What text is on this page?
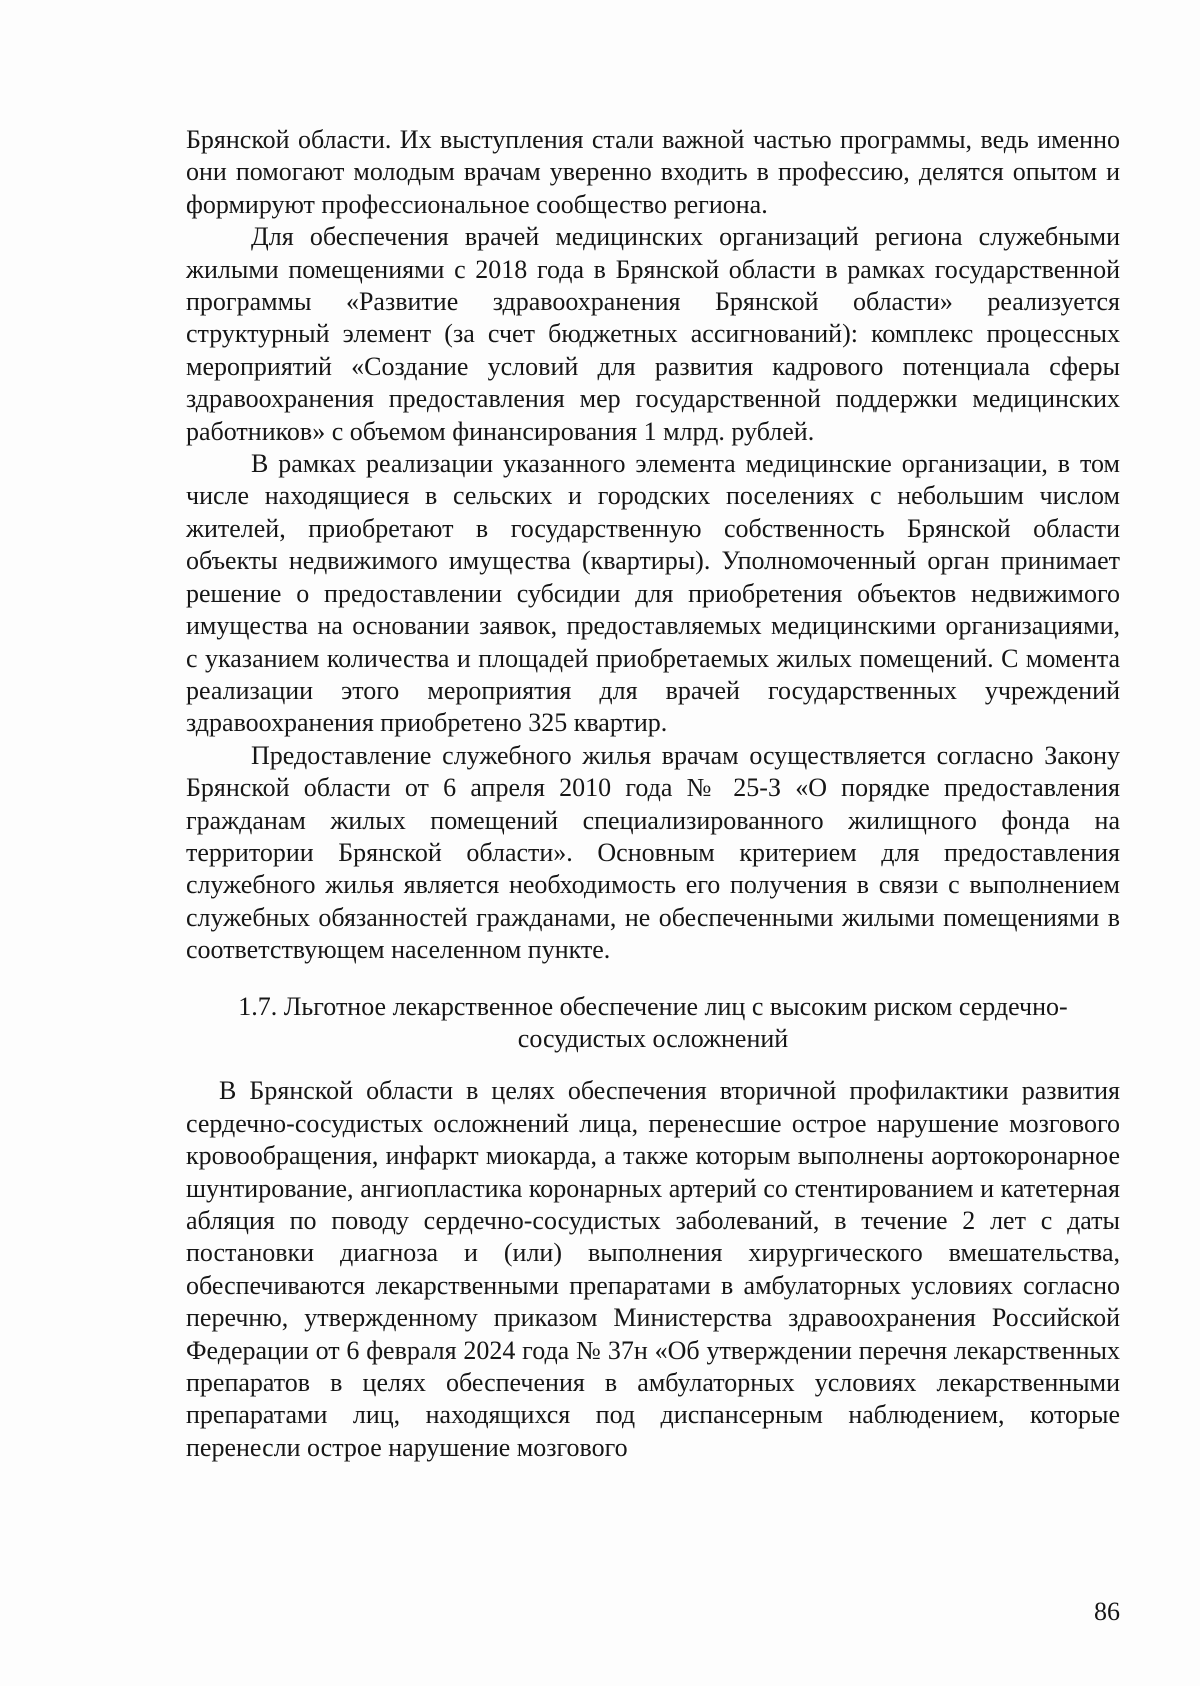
Брянской области. Их выступления стали важной частью программы, ведь именно они помогают молодым врачам уверенно входить в профессию, делятся опытом и формируют профессиональное сообщество региона.

Для обеспечения врачей медицинских организаций региона служебными жилыми помещениями с 2018 года в Брянской области в рамках государственной программы «Развитие здравоохранения Брянской области» реализуется структурный элемент (за счет бюджетных ассигнований): комплекс процессных мероприятий «Создание условий для развития кадрового потенциала сферы здравоохранения предоставления мер государственной поддержки медицинских работников» с объемом финансирования 1 млрд. рублей.

В рамках реализации указанного элемента медицинские организации, в том числе находящиеся в сельских и городских поселениях с небольшим числом жителей, приобретают в государственную собственность Брянской области объекты недвижимого имущества (квартиры). Уполномоченный орган принимает решение о предоставлении субсидии для приобретения объектов недвижимого имущества на основании заявок, предоставляемых медицинскими организациями, с указанием количества и площадей приобретаемых жилых помещений. С момента реализации этого мероприятия для врачей государственных учреждений здравоохранения приобретено 325 квартир.

Предоставление служебного жилья врачам осуществляется согласно Закону Брянской области от 6 апреля 2010 года № 25-З «О порядке предоставления гражданам жилых помещений специализированного жилищного фонда на территории Брянской области». Основным критерием для предоставления служебного жилья является необходимость его получения в связи с выполнением служебных обязанностей гражданами, не обеспеченными жилыми помещениями в соответствующем населенном пункте.

1.7. Льготное лекарственное обеспечение лиц с высоким риском сердечно-
сосудистых осложнений

В Брянской области в целях обеспечения вторичной профилактики развития сердечно-сосудистых осложнений лица, перенесшие острое нарушение мозгового кровообращения, инфаркт миокарда, а также которым выполнены аортокоронарное шунтирование, ангиопластика коронарных артерий со стентированием и катетерная абляция по поводу сердечно-сосудистых заболеваний, в течение 2 лет с даты постановки диагноза и (или) выполнения хирургического вмешательства, обеспечиваются лекарственными препаратами в амбулаторных условиях согласно перечню, утвержденному приказом Министерства здравоохранения Российской Федерации от 6 февраля 2024 года № 37н «Об утверждении перечня лекарственных препаратов в целях обеспечения в амбулаторных условиях лекарственными препаратами лиц, находящихся под диспансерным наблюдением, которые перенесли острое нарушение мозгового

86
